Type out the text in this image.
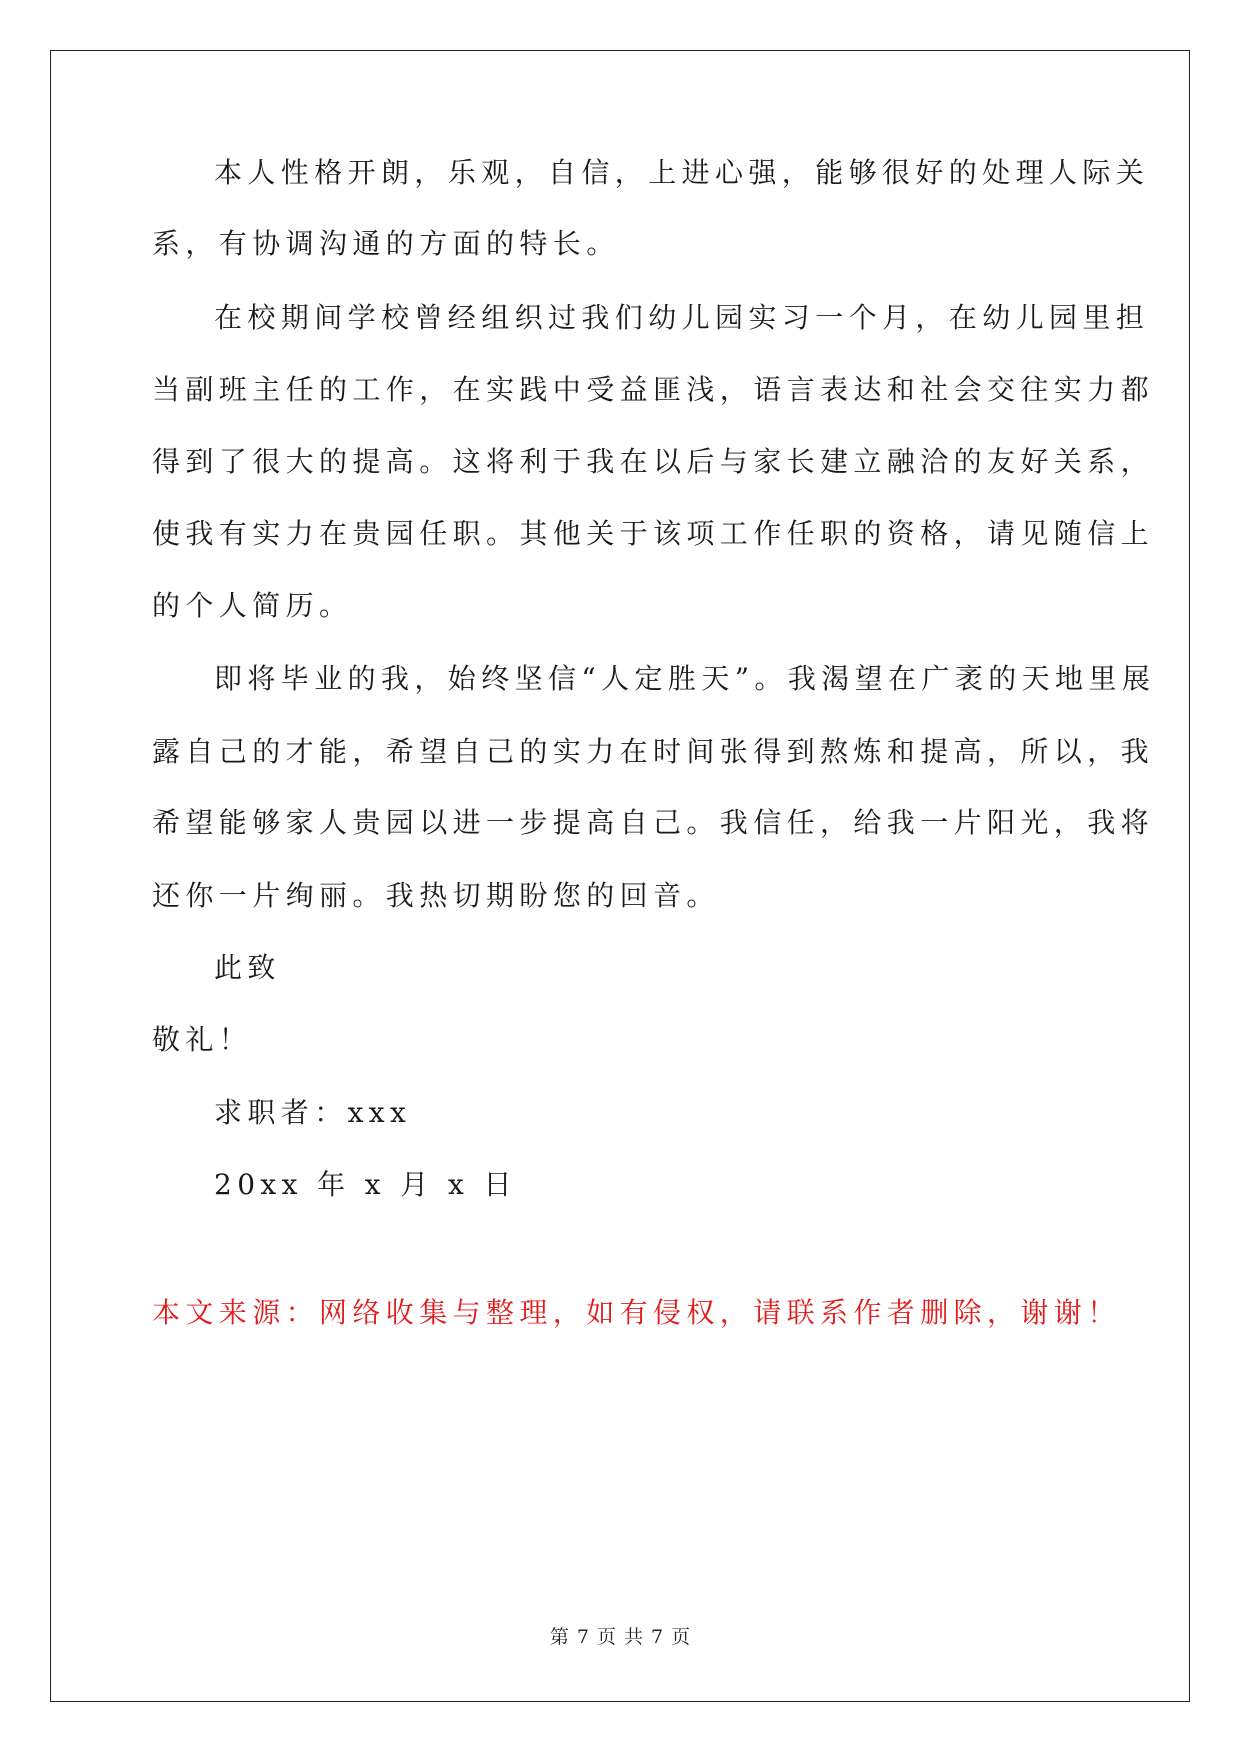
本人性格开朗，乐观，自信，上进心强，能够很好的处理人际关
系，有协调沟通的方面的特长。
在校期间学校曾经组织过我们幼儿园实习一个月，在幼儿园里担
当副班主任的工作，在实践中受益匪浅，语言表达和社会交往实力都
得到了很大的提高。这将利于我在以后与家长建立融洽的友好关系，
使我有实力在贵园任职。其他关于该项工作任职的资格，请见随信上
的个人简历。
即将毕业的我，始终坚信“人定胜天”。我渴望在广袤的天地里展
露自己的才能，希望自己的实力在时间张得到熬炼和提高，所以，我
希望能够家人贵园以进一步提高自己。我信任，给我一片阳光，我将
还你一片绚丽。我热切期盼您的回音。
此致
敬礼！
求职者：xxx
20xx 年 x 月 x 日
本文来源：网络收集与整理，如有侵权，请联系作者删除，谢谢！
第 7 页 共 7 页
